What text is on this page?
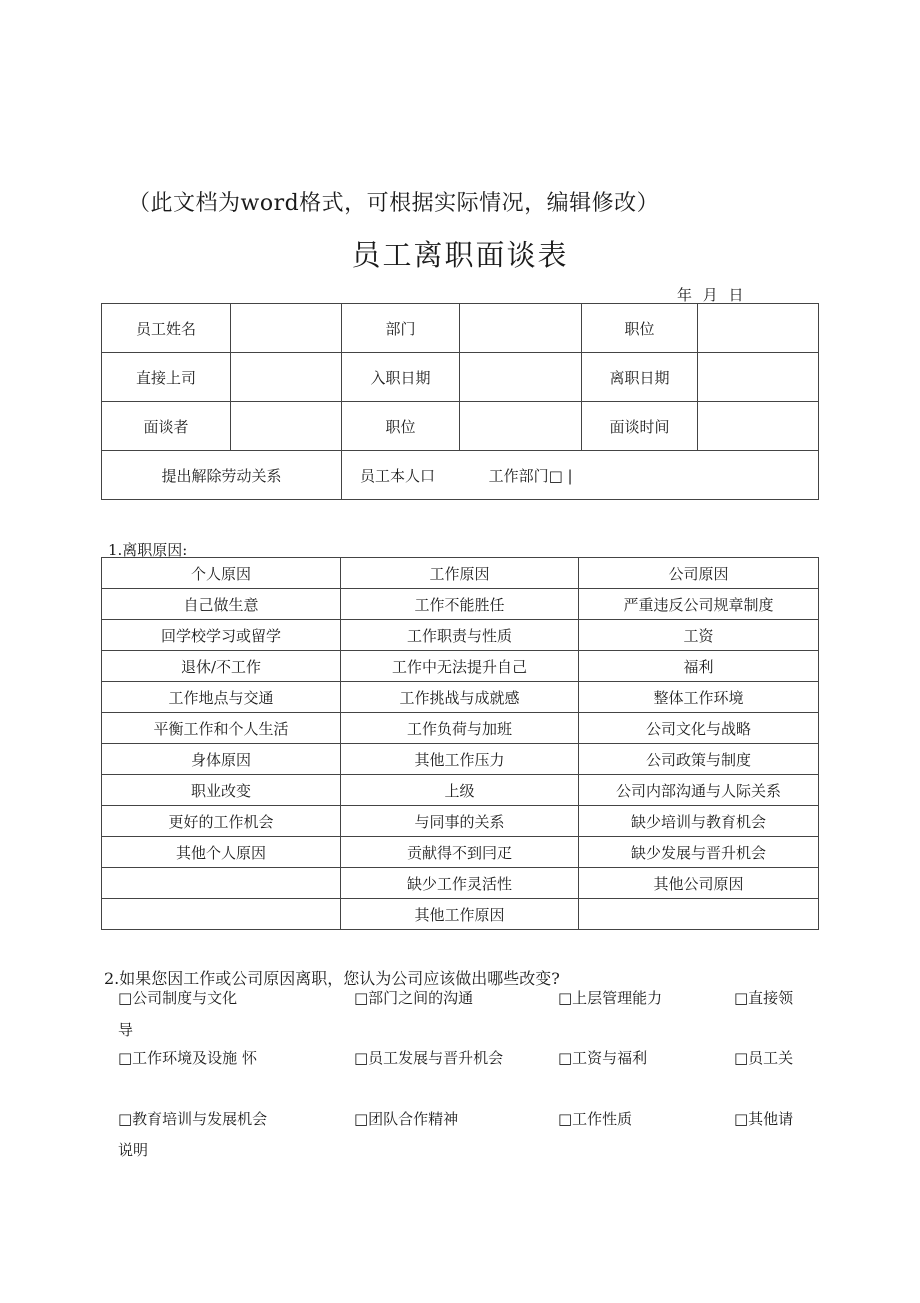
（此文档为word格式，可根据实际情况，编辑修改）
员工离职面谈表
年 月 日
员工姓名		部门		职位	
直接上司		入职日期		离职日期	
面谈者		职位		面谈时间	
提出解除劳动关系		员工本人口 工作部门□ |			
1.离职原因:
个人原因	工作原因	公司原因
自己做生意	工作不能胜任	严重违反公司规章制度
回学校学习或留学	工作职责与性质	工资
退休/不工作	工作中无法提升自己	福利
工作地点与交通	工作挑战与成就感	整体工作环境
平衡工作和个人生活	工作负荷与加班	公司文化与战略
身体原因	其他工作压力	公司政策与制度
职业改变	上级	公司内部沟通与人际关系
更好的工作机会	与同事的关系	缺少培训与教育机会
其他个人原因	贡献得不到冃疋	缺少发展与晋升机会
	缺少工作灵活性	其他公司原因
	其他工作原因	
2.如果您因工作或公司原因离职，您认为公司应该做出哪些改变?
□公司制度与文化	□部门之间的沟通	□上层管理能力	□直接领
导
□工作环境及设施 怀	□员工发展与晋升机会	□工资与福利	□员工关
□教育培训与发展机会	□团队合作精神	□工作性质	□其他请
说明
